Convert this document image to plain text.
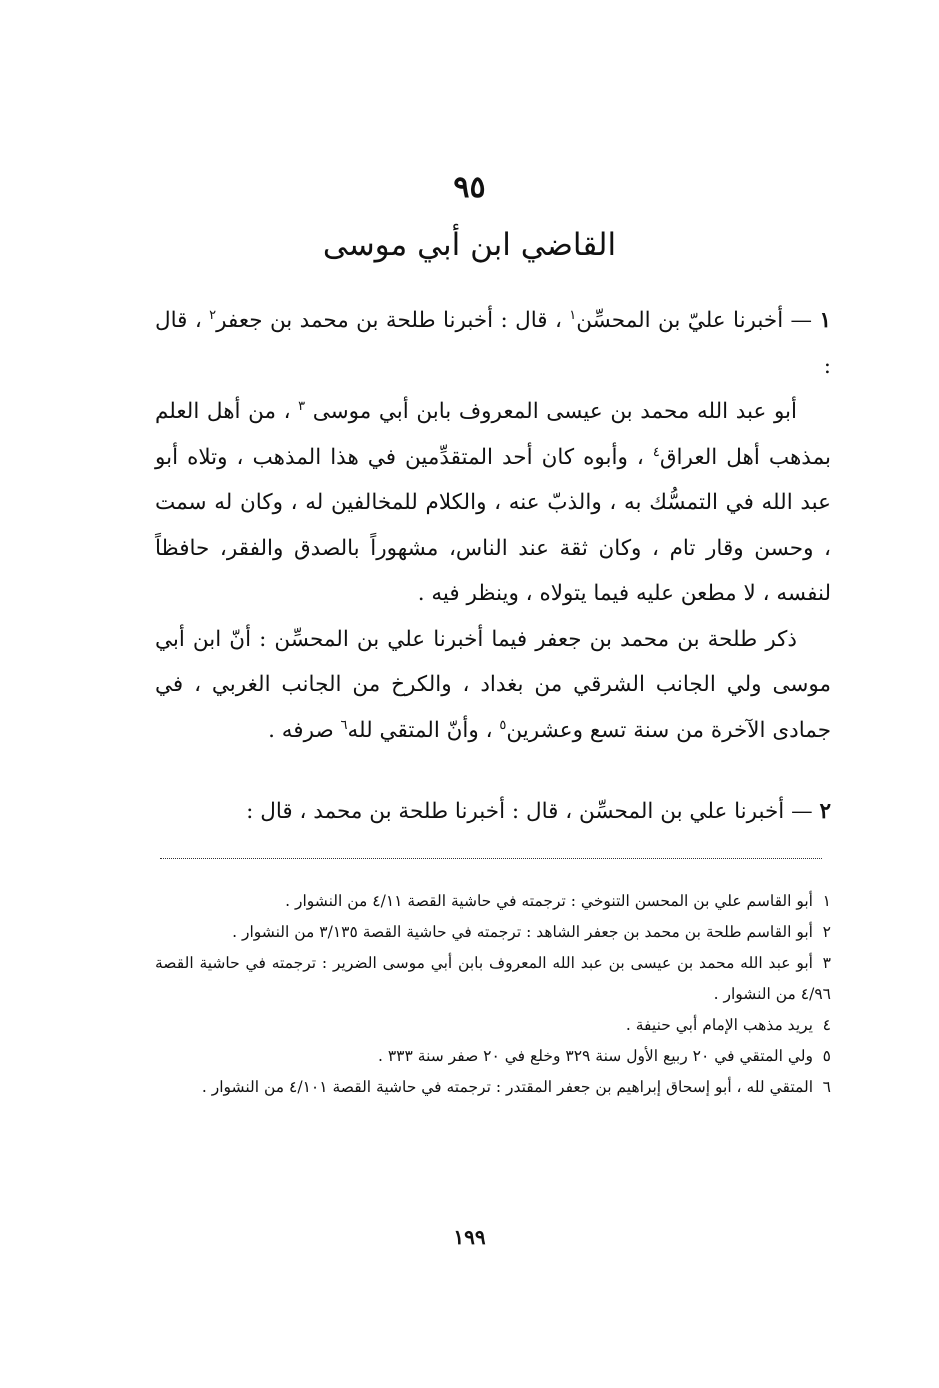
٩٥
القاضي ابن أبي موسى

١ — أخبرنا عليّ بن المحسِّن$^١$ ، قال : أخبرنا طلحة بن محمد بن جعفر$^٢$ ، قال :

أبو عبد الله محمد بن عيسى المعروف بابن أبي موسى $^٣$ ، من أهل العلم بمذهب أهل العراق$^٤$ ، وأبوه كان أحد المتقدِّمين في هذا المذهب ، وتلاه أبو عبد الله في التمسُّك به ، والذبّ عنه ، والكلام للمخالفين له ، وكان له سمت ، وحسن وقار تام ، وكان ثقة عند الناس، مشهوراً بالصدق والفقر، حافظاً لنفسه ، لا مطعن عليه فيما يتولاه ، وينظر فيه .

ذكر طلحة بن محمد بن جعفر فيما أخبرنا علي بن المحسِّن : أنّ ابن أبي موسى ولي الجانب الشرقي من بغداد ، والكرخ من الجانب الغربي ، في جمادى الآخرة من سنة تسع وعشرين$^٥$ ، وأنّ المتقي لله$^٦$ صرفه .

٢ — أخبرنا علي بن المحسِّن ، قال : أخبرنا طلحة بن محمد ، قال :

١أبو القاسم علي بن المحسن التنوخي : ترجمته في حاشية القصة ٤/١١ من النشوار .
٢أبو القاسم طلحة بن محمد بن جعفر الشاهد : ترجمته في حاشية القصة ٣/١٣٥ من النشوار .
٣أبو عبد الله محمد بن عيسى بن عبد الله المعروف بابن أبي موسى الضرير : ترجمته في حاشية القصة ٤/٩٦ من النشوار .
٤يريد مذهب الإمام أبي حنيفة .
٥ولي المتقي في ٢٠ ربيع الأول سنة ٣٢٩ وخلع في ٢٠ صفر سنة ٣٣٣ .
٦المتقي لله ، أبو إسحاق إبراهيم بن جعفر المقتدر : ترجمته في حاشية القصة ٤/١٠١ من النشوار .
١٩٩
